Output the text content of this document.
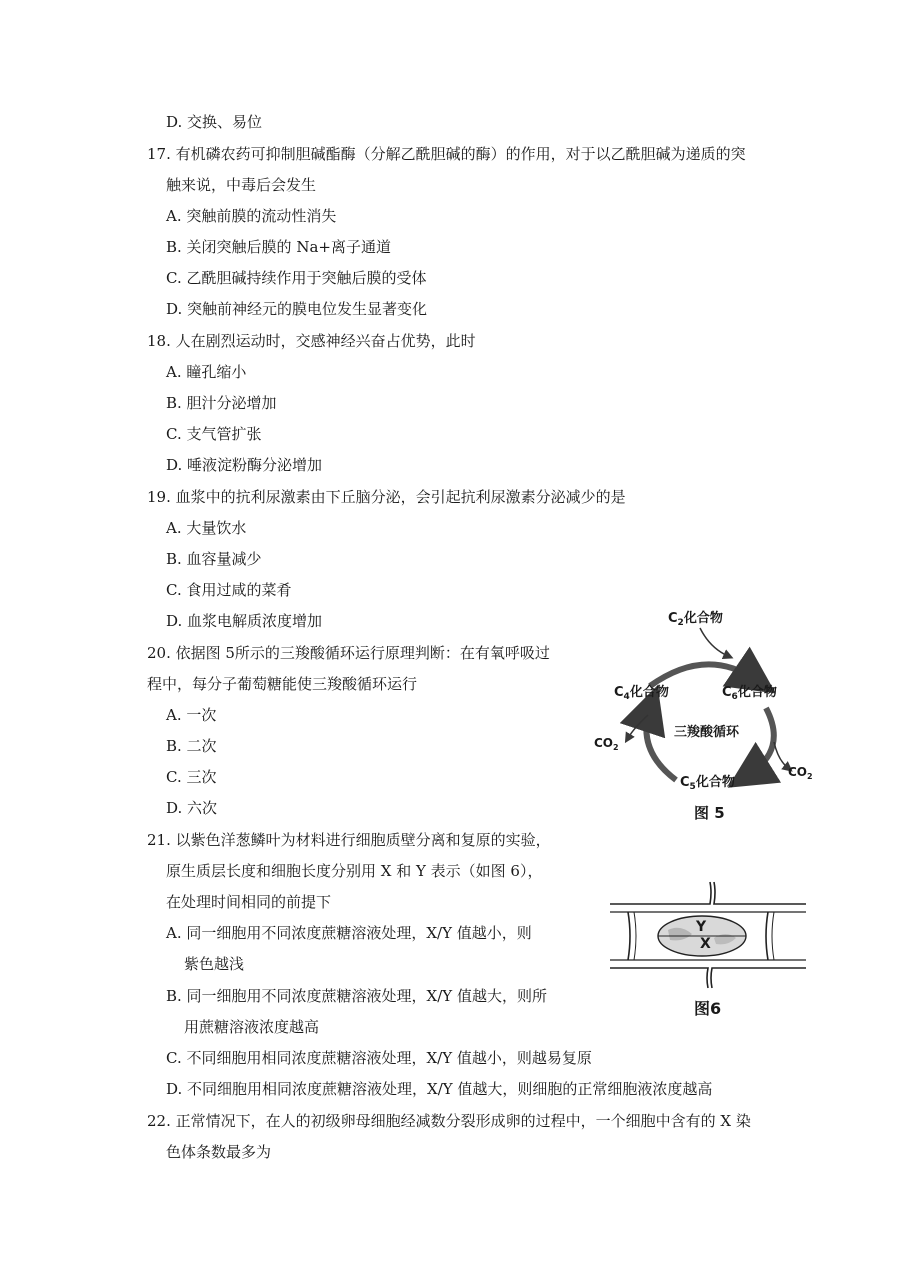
D. 交换、易位
17. 有机磷农药可抑制胆碱酯酶（分解乙酰胆碱的酶）的作用，对于以乙酰胆碱为递质的突
触来说，中毒后会发生
A. 突触前膜的流动性消失
B. 关闭突触后膜的 Na+离子通道
C. 乙酰胆碱持续作用于突触后膜的受体
D. 突触前神经元的膜电位发生显著变化
18. 人在剧烈运动时，交感神经兴奋占优势，此时
A. 瞳孔缩小
B. 胆汁分泌增加
C. 支气管扩张
D. 唾液淀粉酶分泌增加
19. 血浆中的抗利尿激素由下丘脑分泌，会引起抗利尿激素分泌减少的是
A. 大量饮水
B. 血容量减少
C. 食用过咸的菜肴
D. 血浆电解质浓度增加
20. 依据图 5所示的三羧酸循环运行原理判断：在有氧呼吸过
程中，每分子葡萄糖能使三羧酸循环运行
A. 一次
B. 二次
C. 三次
D. 六次
21. 以紫色洋葱鳞叶为材料进行细胞质壁分离和复原的实验，
原生质层长度和细胞长度分别用 X 和 Y 表示（如图 6），
在处理时间相同的前提下
A. 同一细胞用不同浓度蔗糖溶液处理，X/Y 值越小，则
紫色越浅
B. 同一细胞用不同浓度蔗糖溶液处理，X/Y 值越大，则所
用蔗糖溶液浓度越高
C. 不同细胞用相同浓度蔗糖溶液处理，X/Y 值越小，则越易复原
D. 不同细胞用相同浓度蔗糖溶液处理，X/Y 值越大，则细胞的正常细胞液浓度越高
22. 正常情况下，在人的初级卵母细胞经减数分裂形成卵的过程中，一个细胞中含有的 X 染
色体条数最多为
$C_2$化合物
$C_4$化合物	$C_6$化合物
$C_5$化合物
$CO_2$
$CO_2$
三羧酸循环
图 5
Y
X
图6
